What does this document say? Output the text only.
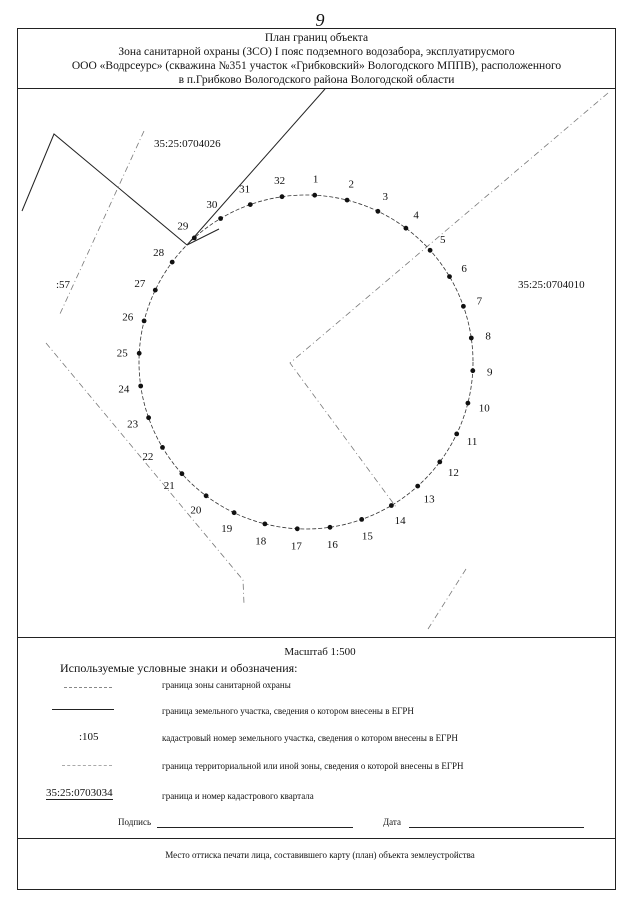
9
План границ объекта
Зона санитарной охраны (ЗСО) I пояс подземного водозабора, эксплуатирусмого
ООО «Водрсеурс» (скважина №351 участок «Грибковский» Вологодского МППВ), расположенного
в п.Грибково Вологодского района Вологодской области
1	2
3
4
5
6
7
8
9
10
11
12
13
14
15
16
17
18
19
20
21
22
23
24
25
26
27
28
29
30
31
32
35:25:0704026
35:25:0704010
:57
Масштаб 1:500
Используемые условные знаки и обозначения:
граница зоны санитарной охраны
граница земельного участка, сведения о котором внесены в ЕГРН
:105	кадастровый номер земельного участка, сведения о котором внесены в ЕГРН
граница территориальной или иной зоны, сведения о которой внесены в ЕГРН
35:25:0703034	граница и номер кадастрового квартала
Подпись	Дата
Место оттиска печати лица, составившего карту (план) объекта землеустройства
